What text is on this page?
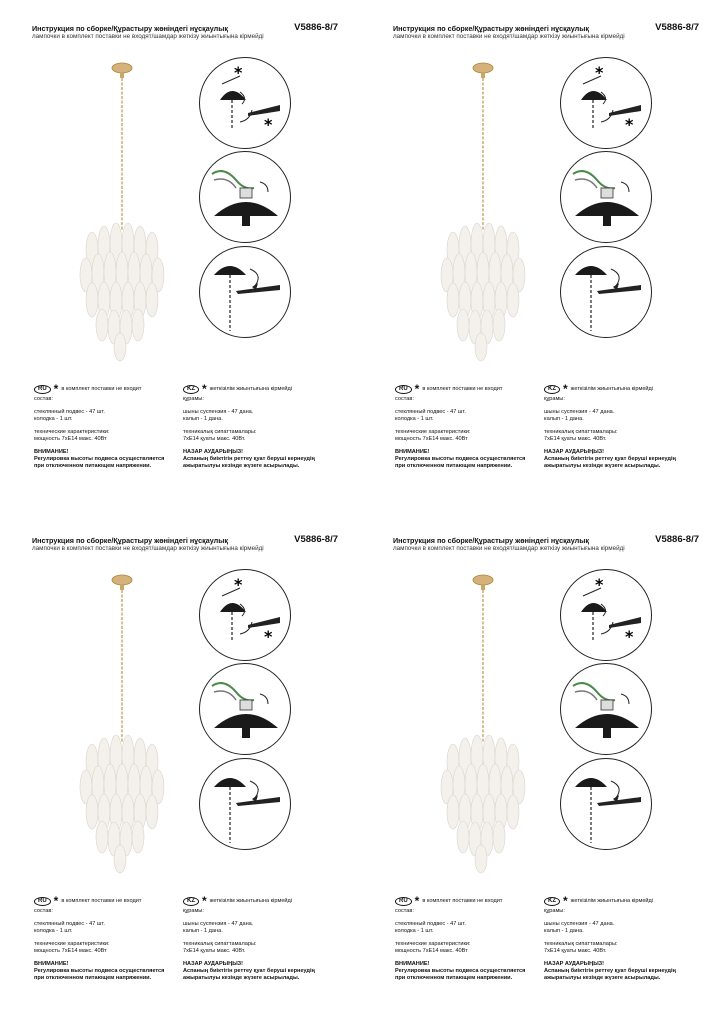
Инструкция по сборке/Құрастыру жөніндегі нұсқаулық	V5886-8/7
лампочки в комплект поставки не входят/шамдар жеткізу жиынтығына кірмейді
*
*
RU * в комплект поставки не входит
состав:
стеклянный подвес - 47 шт.
колодка - 1 шт.
технические характеристики:
мощность 7хЕ14 макс. 40Вт
ВНИМАНИЕ!
Регулировка высоты подвеса осуществляется
при отключенном питающем напряжении.
KZ * жеткізілім жиынтығына кірмейді
құрамы:
шыны суспензия - 47 дана.
калып - 1 дана.
техникалық сипаттамалары:
7хЕ14 қуаты макс. 40Вт.
НАЗАР АУДАРЫҢЫЗ!
Аспаның биіктігін реттеу қуат беруші кернеудің
ажыратылуы кезінде жүзеге асырылады.
Инструкция по сборке/Құрастыру жөніндегі нұсқаулық	V5886-8/7
лампочки в комплект поставки не входят/шамдар жеткізу жиынтығына кірмейді
*
*
RU * в комплект поставки не входит
состав:
стеклянный подвес - 47 шт.
колодка - 1 шт.
технические характеристики:
мощность 7хЕ14 макс. 40Вт
ВНИМАНИЕ!
Регулировка высоты подвеса осуществляется
при отключенном питающем напряжении.
KZ * жеткізілім жиынтығына кірмейді
құрамы:
шыны суспензия - 47 дана.
калып - 1 дана.
техникалық сипаттамалары:
7хЕ14 қуаты макс. 40Вт.
НАЗАР АУДАРЫҢЫЗ!
Аспаның биіктігін реттеу қуат беруші кернеудің
ажыратылуы кезінде жүзеге асырылады.
Инструкция по сборке/Құрастыру жөніндегі нұсқаулық	V5886-8/7
лампочки в комплект поставки не входят/шамдар жеткізу жиынтығына кірмейді
*
*
RU * в комплект поставки не входит
состав:
стеклянный подвес - 47 шт.
колодка - 1 шт.
технические характеристики:
мощность 7хЕ14 макс. 40Вт
ВНИМАНИЕ!
Регулировка высоты подвеса осуществляется
при отключенном питающем напряжении.
KZ * жеткізілім жиынтығына кірмейді
құрамы:
шыны суспензия - 47 дана.
калып - 1 дана.
техникалық сипаттамалары:
7хЕ14 қуаты макс. 40Вт.
НАЗАР АУДАРЫҢЫЗ!
Аспаның биіктігін реттеу қуат беруші кернеудің
ажыратылуы кезінде жүзеге асырылады.
Инструкция по сборке/Құрастыру жөніндегі нұсқаулық	V5886-8/7
лампочки в комплект поставки не входят/шамдар жеткізу жиынтығына кірмейді
*
*
RU * в комплект поставки не входит
состав:
стеклянный подвес - 47 шт.
колодка - 1 шт.
технические характеристики:
мощность 7хЕ14 макс. 40Вт
ВНИМАНИЕ!
Регулировка высоты подвеса осуществляется
при отключенном питающем напряжении.
KZ * жеткізілім жиынтығына кірмейді
құрамы:
шыны суспензия - 47 дана.
калып - 1 дана.
техникалық сипаттамалары:
7хЕ14 қуаты макс. 40Вт.
НАЗАР АУДАРЫҢЫЗ!
Аспаның биіктігін реттеу қуат беруші кернеудің
ажыратылуы кезінде жүзеге асырылады.
